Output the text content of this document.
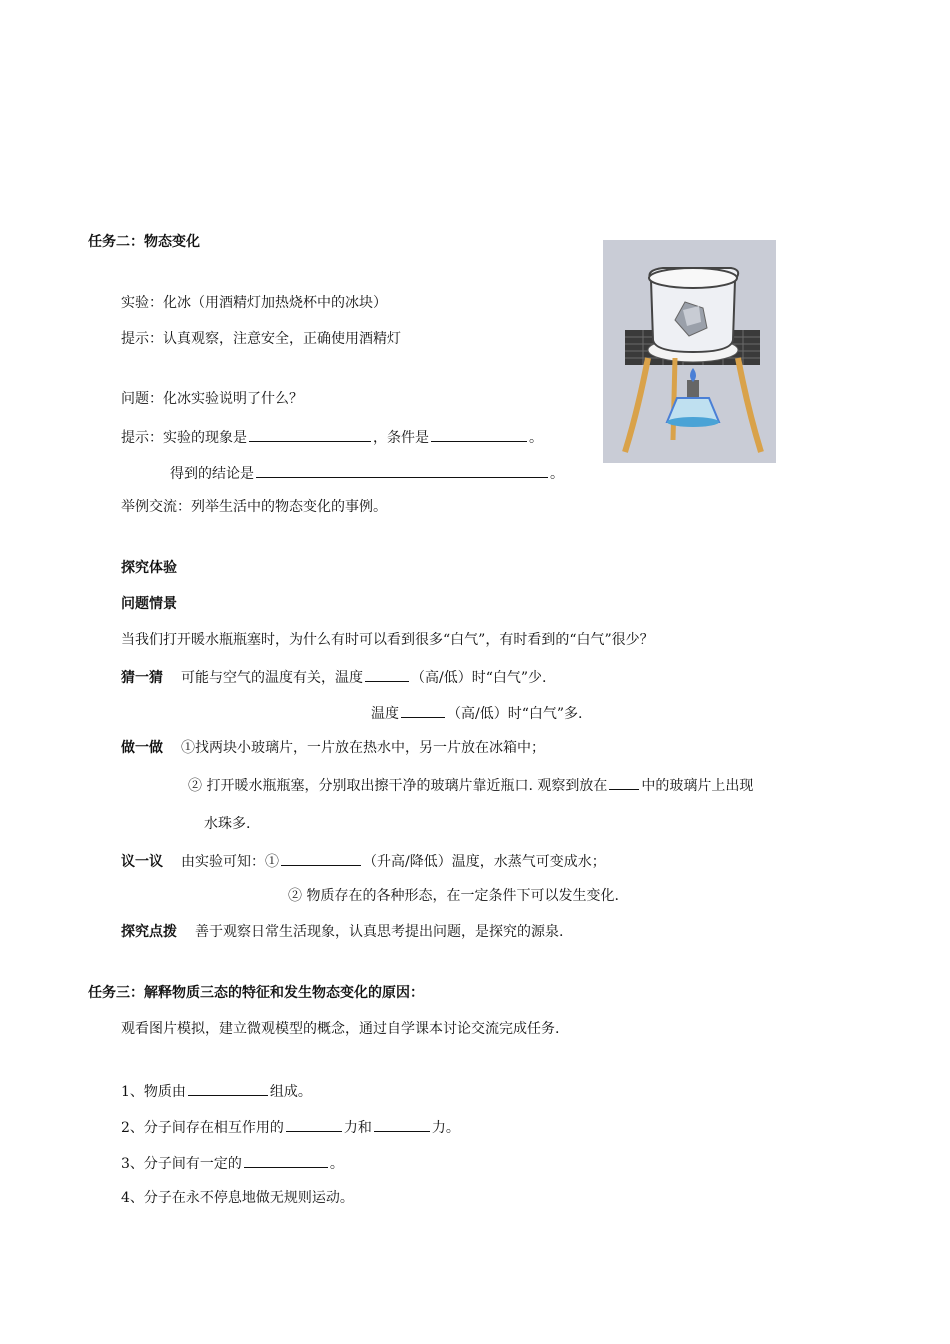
任务二：物态变化
实验：化冰（用酒精灯加热烧杯中的冰块）
提示：认真观察，注意安全，正确使用酒精灯
问题：化冰实验说明了什么？
提示：实验的现象是	，条件是	。
得到的结论是	。
举例交流：列举生活中的物态变化的事例。
探究体验
问题情景
当我们打开暖水瓶瓶塞时，为什么有时可以看到很多“白气”，有时看到的“白气”很少？
猜一猜 可能与空气的温度有关，温度	（高/低）时“白气”少.
温度	（高/低）时“白气”多.
做一做 ①找两块小玻璃片，一片放在热水中，另一片放在冰箱中；
② 打开暖水瓶瓶塞，分别取出擦干净的玻璃片靠近瓶口. 观察到放在 中的玻璃片上出现
水珠多.
议一议 由实验可知：①	（升高/降低）温度，水蒸气可变成水；
② 物质存在的各种形态，在一定条件下可以发生变化.
探究点拨 善于观察日常生活现象，认真思考提出问题，是探究的源泉.
任务三：解释物质三态的特征和发生物态变化的原因：
观看图片模拟，建立微观模型的概念，通过自学课本讨论交流完成任务.
1、物质由	组成。
2、分子间存在相互作用的	力和	力。
3、分子间有一定的	。
4、分子在永不停息地做无规则运动。
